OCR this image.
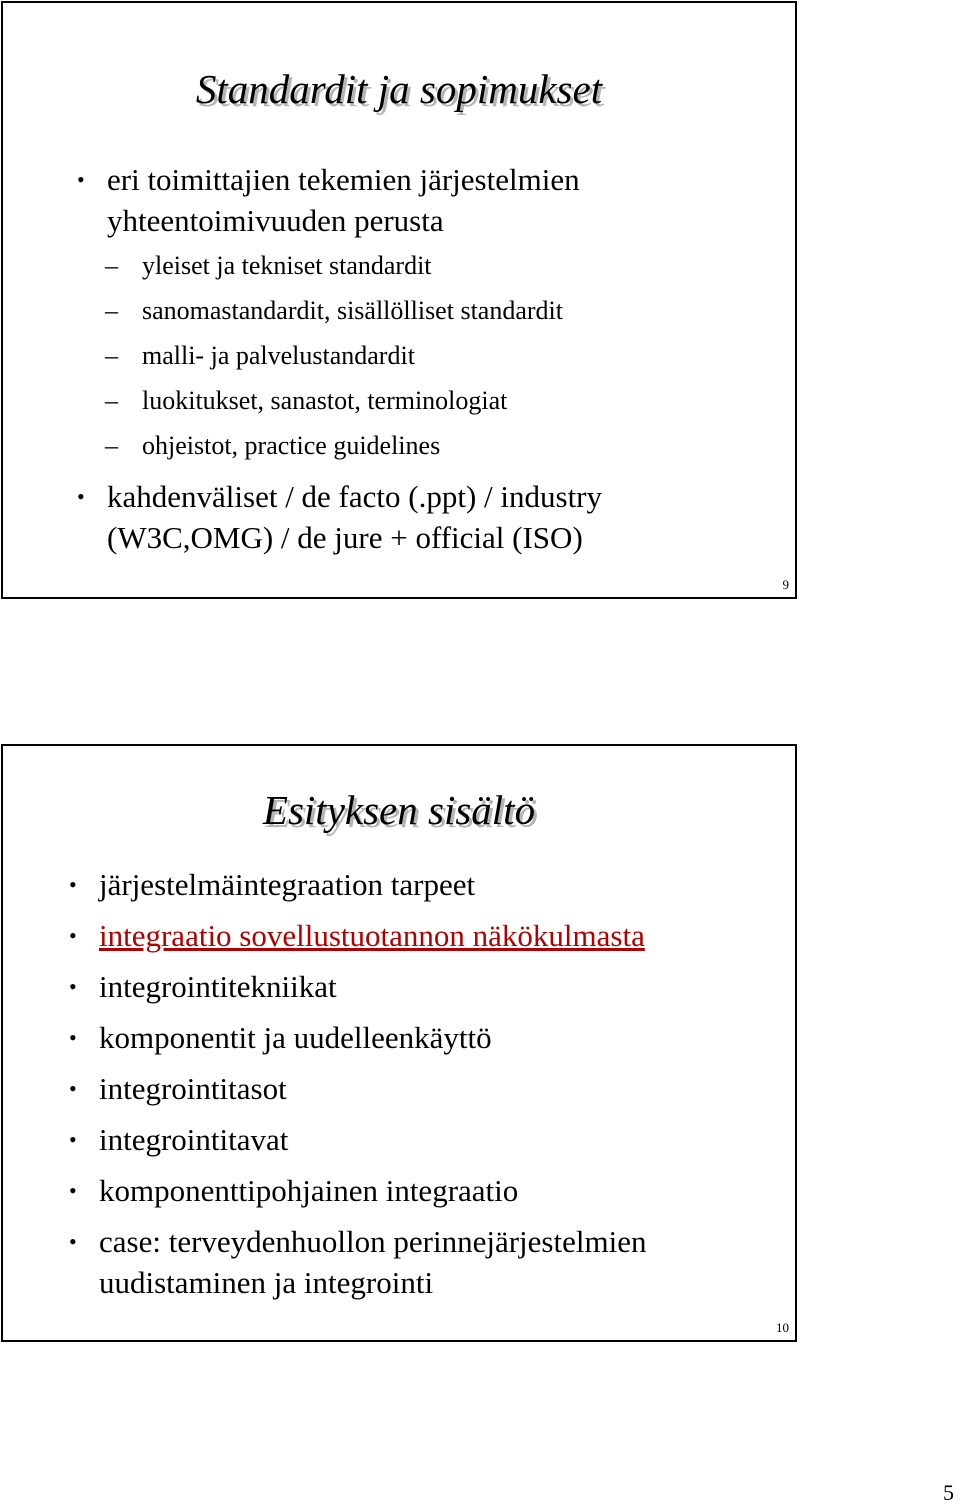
Standardit ja sopimukset
• eri toimittajien tekemien järjestelmien yhteentoimivuuden perusta
– yleiset ja tekniset standardit
– sanomastandardit, sisällölliset standardit
– malli- ja palvelustandardit
– luokitukset, sanastot, terminologiat
– ohjeistot, practice guidelines
• kahdenväliset / de facto (.ppt) / industry (W3C,OMG) / de jure + official (ISO)
9
Esityksen sisältö
• järjestelmäintegraation tarpeet
• integraatio sovellustuotannon näkökulmasta
• integrointitekniikat
• komponentit ja uudelleenkäyttö
• integrointitasot
• integrointitavat
• komponenttipohjainen integraatio
• case: terveydenhuollon perinnejärjestelmien uudistaminen ja integrointi
10
5
